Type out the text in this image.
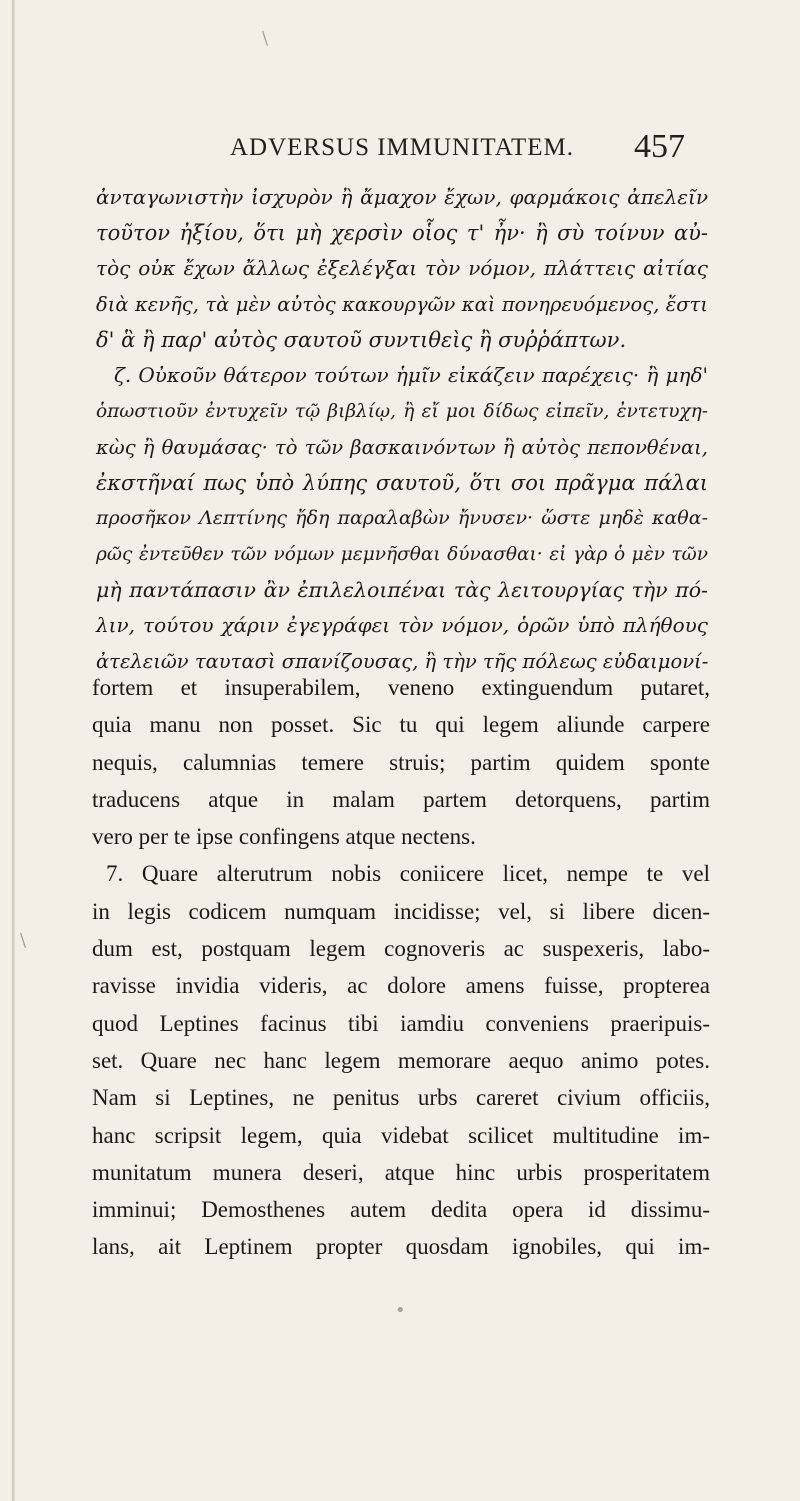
ADVERSUS IMMUNITATEM. 457
ἀνταγωνιστὴν ἰσχυρὸν ἢ ἄμαχον ἔχων, φαρμάκοις ἀπελεῖν
τοῦτον ἠξίου, ὅτι μὴ χερσὶν οἷος τ' ἦν· ἢ σὺ τοίνυν αὐ-
τὸς οὐκ ἔχων ἄλλως ἐξελέγξαι τὸν νόμον, πλάττεις αἰτίας
διὰ κενῆς, τὰ μὲν αὐτὸς κακουργῶν καὶ πονηρευόμενος, ἔστι
δ' ἃ ἢ παρ' αὐτὸς σαυτοῦ συντιθεὶς ἢ συῤῥάπτων.
ζ. Οὐκοῦν θάτερον τούτων ἡμῖν εἰκάζειν παρέχεις· ἢ μηδ'
ὁπωστιοῦν ἐντυχεῖν τῷ βιβλίῳ, ἢ εἴ μοι δίδως εἰπεῖν, ἐντετυχη-
κὼς ἢ θαυμάσας· τὸ τῶν βασκαινόντων ἢ αὐτὸς πεπονθέναι,
ἐκστῆναί πως ὑπὸ λύπης σαυτοῦ, ὅτι σοι πρᾶγμα πάλαι
προσῆκον Λεπτίνης ἤδη παραλαβὼν ἤνυσεν· ὥστε μηδὲ καθα-
ρῶς ἐντεῦθεν τῶν νόμων μεμνῆσθαι δύνασθαι· εἰ γὰρ ὁ μὲν τῶν
μὴ παντάπασιν ἂν ἐπιλελοιπέναι τὰς λειτουργίας τὴν πό-
λιν, τούτου χάριν ἐγεγράφει τὸν νόμον, ὁρῶν ὑπὸ πλήθους
ἀτελειῶν ταυτασὶ σπανίζουσας, ἢ τὴν τῆς πόλεως εὐδαιμονί-
fortem et insuperabilem, veneno extinguendum putaret,
quia manu non posset. Sic tu qui legem aliunde carpere
nequis, calumnias temere struis; partim quidem sponte
traducens atque in malam partem detorquens, partim
vero per te ipse confingens atque nectens.
7. Quare alterutrum nobis coniicere licet, nempe te vel
in legis codicem numquam incidisse; vel, si libere dicen-
dum est, postquam legem cognoveris ac suspexeris, labo-
ravisse invidia videris, ac dolore amens fuisse, propterea
quod Leptines facinus tibi iamdiu conveniens praeripuis-
set. Quare nec hanc legem memorare aequo animo potes.
Nam si Leptines, ne penitus urbs careret civium officiis,
hanc scripsit legem, quia videbat scilicet multitudine im-
munitatum munera deseri, atque hinc urbis prosperitatem
imminui; Demosthenes autem dedita opera id dissimu-
lans, ait Leptinem propter quosdam ignobiles, qui im-
\
\
•
